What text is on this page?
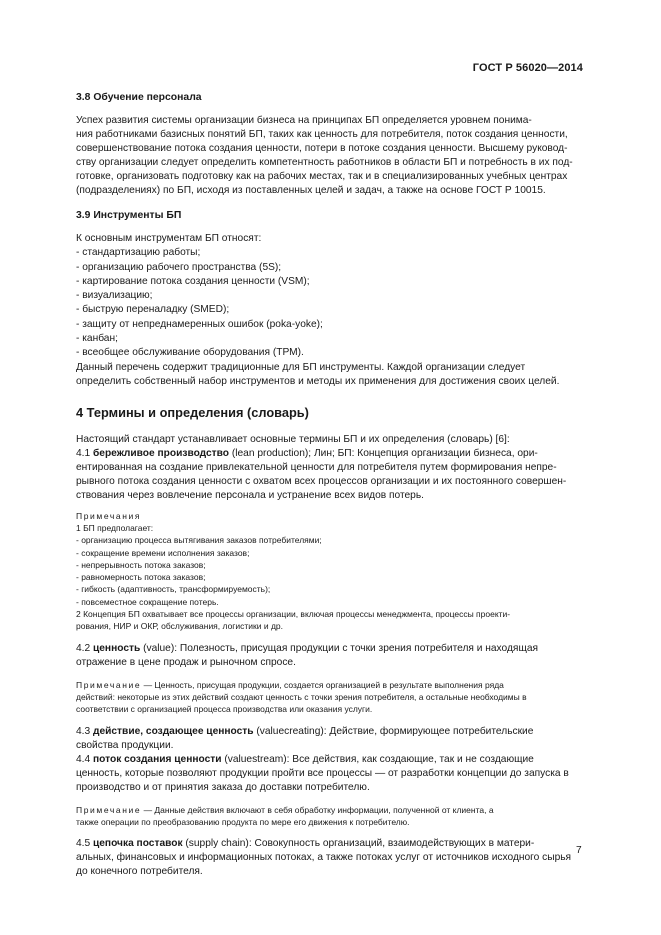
ГОСТ Р 56020—2014
3.8 Обучение персонала

Успех развития системы организации бизнеса на принципах БП определяется уровнем понима-

ния работниками базисных понятий БП, таких как ценность для потребителя, поток создания ценности,

совершенствование потока создания ценности, потери в потоке создания ценности. Высшему руковод-

ству организации следует определить компетентность работников в области БП и потребность в их под-

готовке, организовать подготовку как на рабочих местах, так и в специализированных учебных центрах

(подразделениях) по БП, исходя из поставленных целей и задач, а также на основе ГОСТ Р 10015.

3.9 Инструменты БП

К основным инструментам БП относят:

- стандартизацию работы;

- организацию рабочего пространства (5S);

- картирование потока создания ценности (VSM);

- визуализацию;

- быструю переналадку (SMED);

- защиту от непреднамеренных ошибок (poka-yoke);

- канбан;

- всеобщее обслуживание оборудования (ТРМ).

Данный перечень содержит традиционные для БП инструменты. Каждой организации следует

определить собственный набор инструментов и методы их применения для достижения своих целей.

4 Термины и определения (словарь)

Настоящий стандарт устанавливает основные термины БП и их определения (словарь) [6]:

4.1 бережливое производство (lean production); Лин; БП: Концепция организации бизнеса, ори-

ентированная на создание привлекательной ценности для потребителя путем формирования непре-

рывного потока создания ценности с охватом всех процессов организации и их постоянного совершен-

ствования через вовлечение персонала и устранение всех видов потерь.

Примечания

1 БП предполагает:

- организацию процесса вытягивания заказов потребителями;

- сокращение времени исполнения заказов;

- непрерывность потока заказов;

- равномерность потока заказов;

- гибкость (адаптивность, трансформируемость);

- повсеместное сокращение потерь.

2 Концепция БП охватывает все процессы организации, включая процессы менеджмента, процессы проекти-

рования, НИР и ОКР, обслуживания, логистики и др.

4.2 ценность (value): Полезность, присущая продукции с точки зрения потребителя и находящая

отражение в цене продаж и рыночном спросе.

Примечание — Ценность, присущая продукции, создается организацией в результате выполнения ряда

действий: некоторые из этих действий создают ценность с точки зрения потребителя, а остальные необходимы в

соответствии с организацией процесса производства или оказания услуги.

4.3 действие, создающее ценность (valuecreating): Действие, формирующее потребительские

свойства продукции.

4.4 поток создания ценности (valuestream): Все действия, как создающие, так и не создающие

ценность, которые позволяют продукции пройти все процессы — от разработки концепции до запуска в

производство и от принятия заказа до доставки потребителю.

Примечание — Данные действия включают в себя обработку информации, полученной от клиента, а

также операции по преобразованию продукта по мере его движения к потребителю.

4.5 цепочка поставок (supply chain): Совокупность организаций, взаимодействующих в матери-

альных, финансовых и информационных потоках, а также потоках услуг от источников исходного сырья

до конечного потребителя.

7
